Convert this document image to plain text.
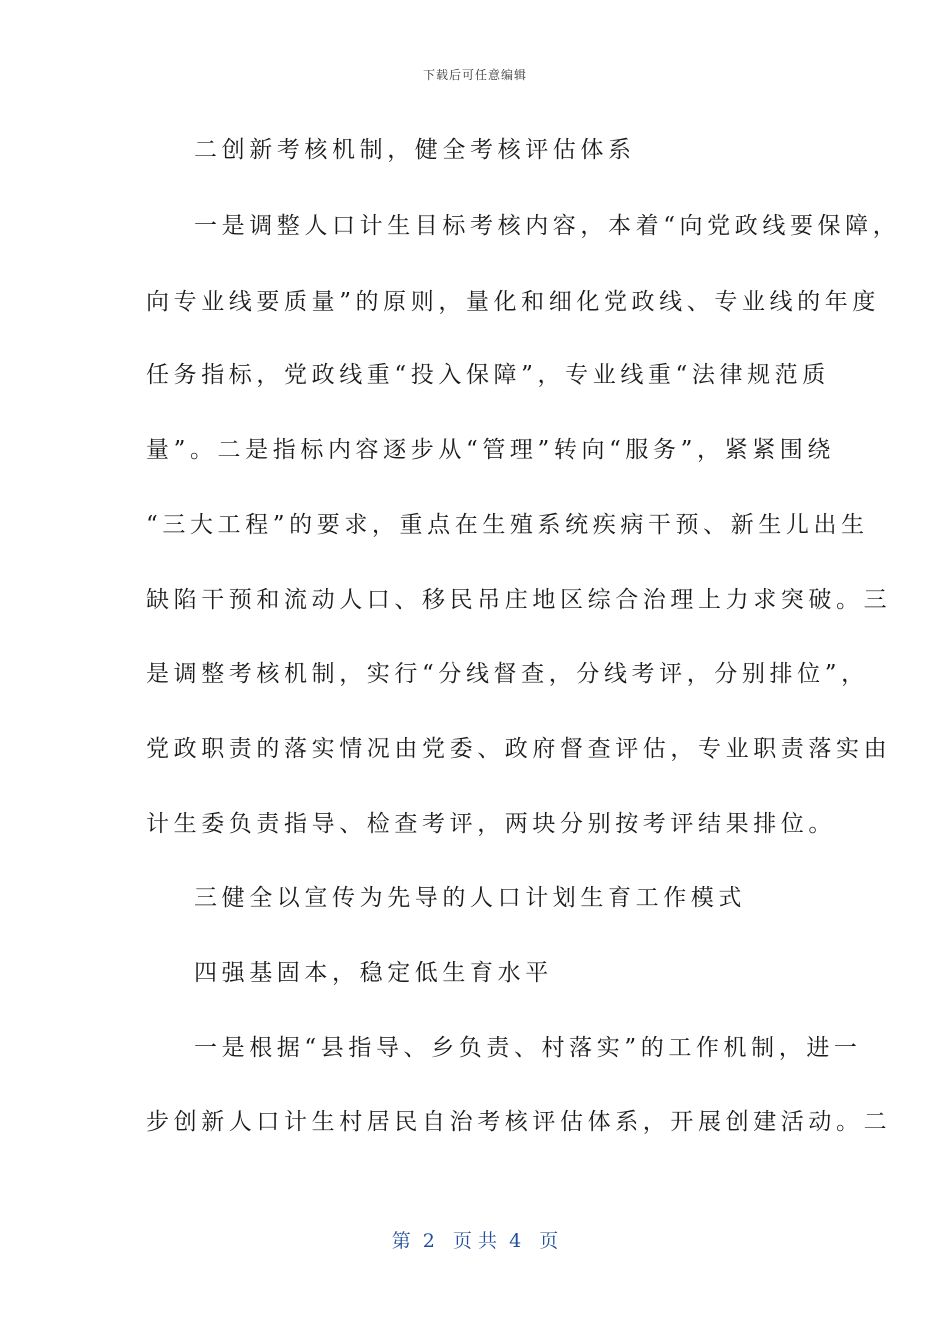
下载后可任意编辑
二创新考核机制，健全考核评估体系
一是调整人口计生目标考核内容，本着“向党政线要保障，
向专业线要质量”的原则，量化和细化党政线、专业线的年度
任务指标，党政线重“投入保障”，专业线重“法律规范质
量”。二是指标内容逐步从“管理”转向“服务”，紧紧围绕
“三大工程”的要求，重点在生殖系统疾病干预、新生儿出生
缺陷干预和流动人口、移民吊庄地区综合治理上力求突破。三
是调整考核机制，实行“分线督查，分线考评，分别排位”，
党政职责的落实情况由党委、政府督查评估，专业职责落实由
计生委负责指导、检查考评，两块分别按考评结果排位。
三健全以宣传为先导的人口计划生育工作模式
四强基固本，稳定低生育水平
一是根据“县指导、乡负责、村落实”的工作机制，进一
步创新人口计生村居民自治考核评估体系，开展创建活动。二
第  2   页 共  4   页
